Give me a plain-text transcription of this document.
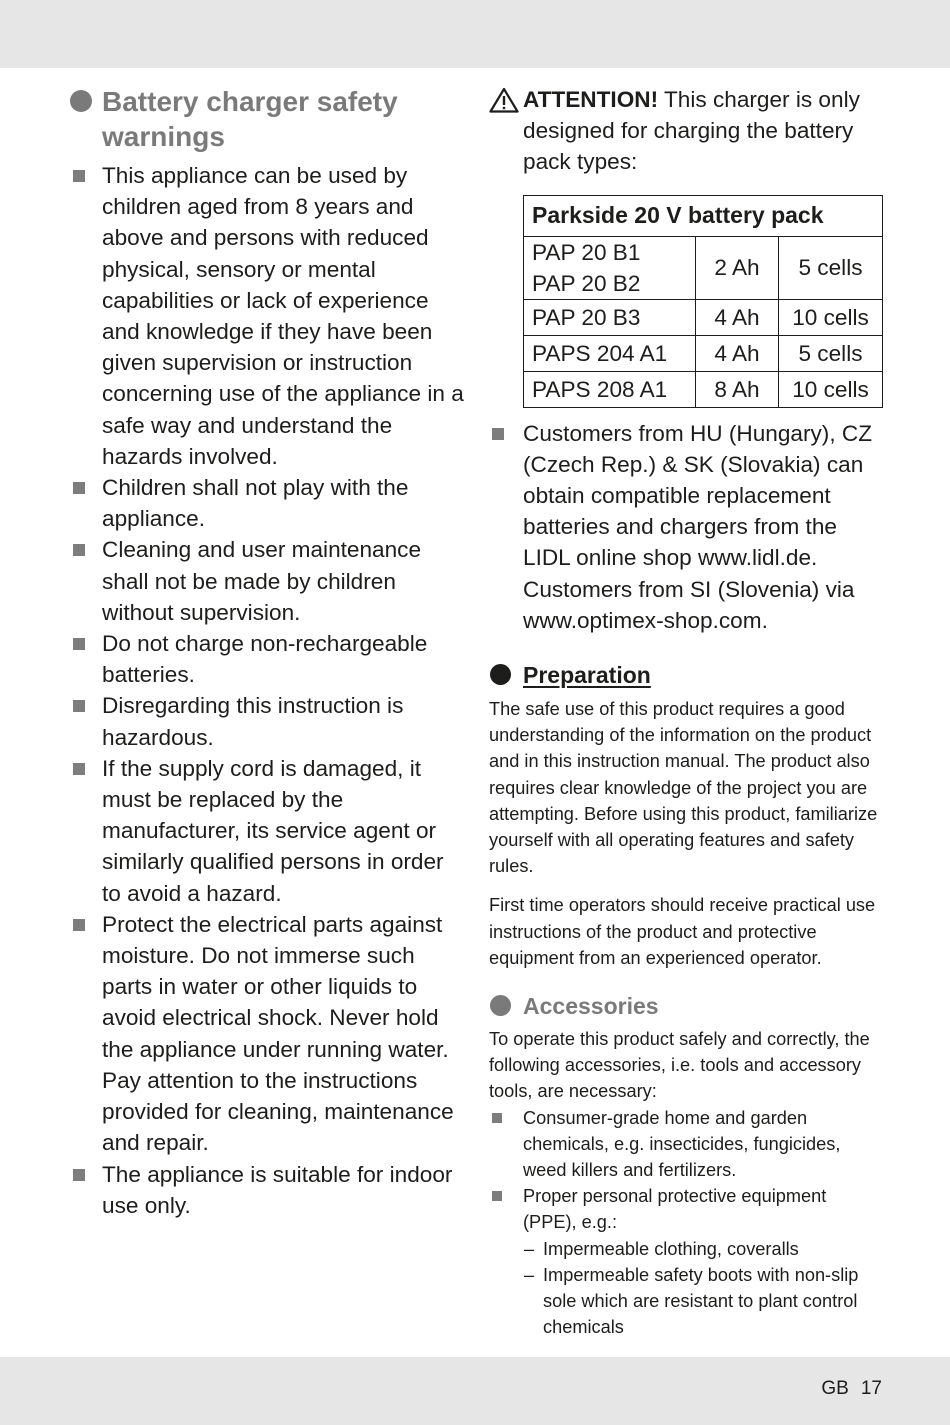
Battery charger safety warnings
This appliance can be used by children aged from 8 years and above and persons with reduced physical, sensory or mental capabilities or lack of experience and knowledge if they have been given supervision or instruction concerning use of the appliance in a safe way and understand the hazards involved.
Children shall not play with the appliance.
Cleaning and user maintenance shall not be made by children without supervision.
Do not charge non-rechargeable batteries.
Disregarding this instruction is hazardous.
If the supply cord is damaged, it must be replaced by the manufacturer, its service agent or similarly qualified persons in order to avoid a hazard.
Protect the electrical parts against moisture. Do not immerse such parts in water or other liquids to avoid electrical shock. Never hold the appliance under running water. Pay attention to the instructions provided for cleaning, maintenance and repair.
The appliance is suitable for indoor use only.

ATTENTION! This charger is only designed for charging the battery pack types:

Parkside 20 V battery pack		

PAP 20 B1
PAP 20 B2	2 Ah	5 cells
PAP 20 B3	4 Ah	10 cells
PAPS 204 A1	4 Ah	5 cells
PAPS 208 A1	8 Ah	10 cells
Customers from HU (Hungary), CZ (Czech Rep.) & SK (Slovakia) can obtain compatible replacement batteries and chargers from the LIDL online shop www.lidl.de. Customers from SI (Slovenia) via www.optimex-shop.com.
Preparation

The safe use of this product requires a good understanding of the information on the product and in this instruction manual. The product also requires clear knowledge of the project you are attempting. Before using this product, familiarize yourself with all operating features and safety rules.

First time operators should receive practical use instructions of the product and protective equipment from an experienced operator.

Accessories

To operate this product safely and correctly, the following accessories, i.e. tools and accessory tools, are necessary:

Consumer-grade home and garden chemicals, e.g. insecticides, fungicides, weed killers and fertilizers.
Proper personal protective equipment (PPE), e.g.:
– Impermeable clothing, coveralls
– Impermeable safety boots with non-slip sole which are resistant to plant control chemicals
GB 17
